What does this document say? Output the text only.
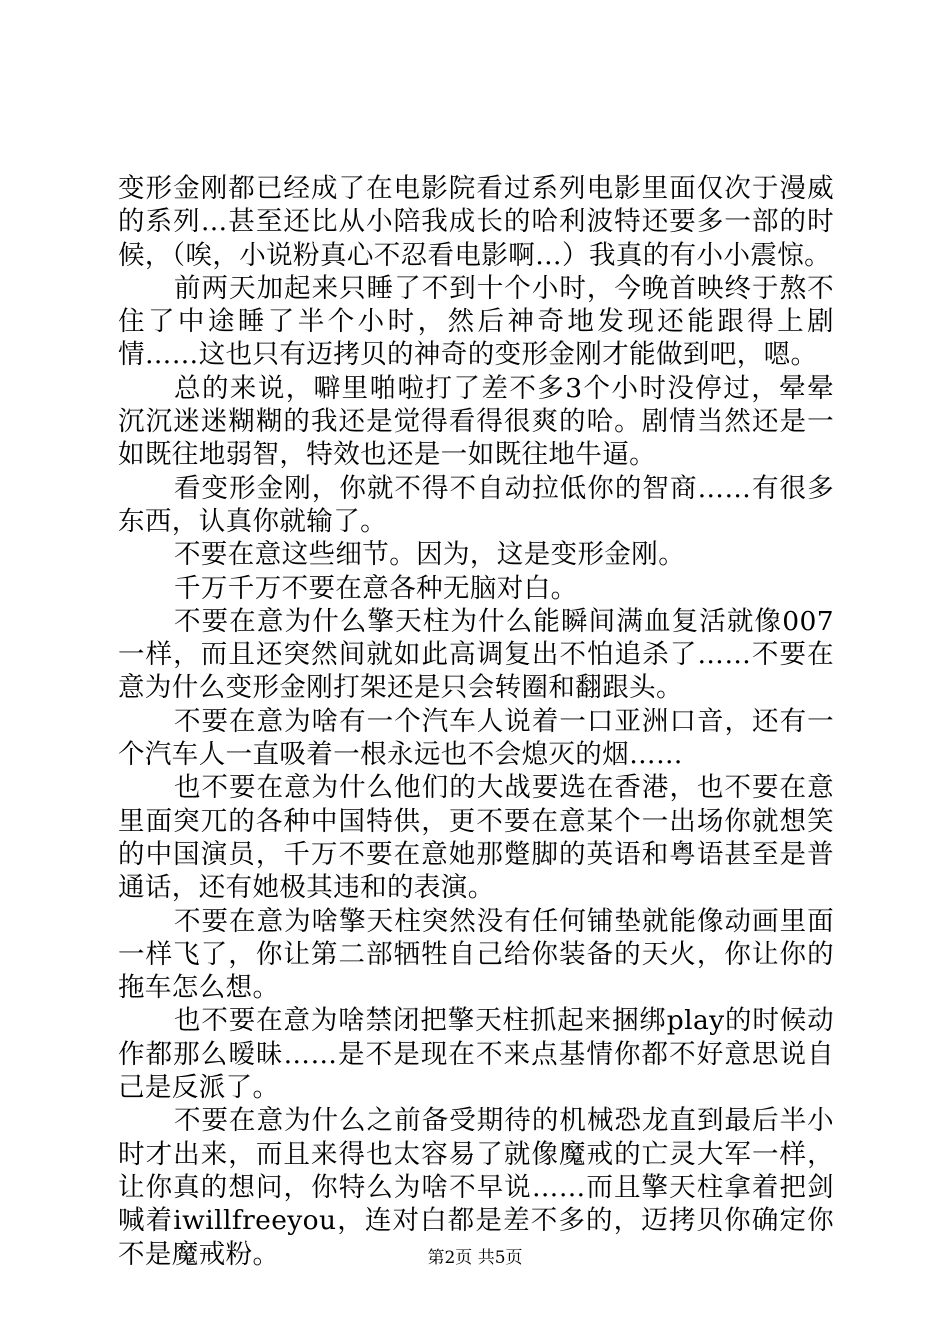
变形金刚都已经成了在电影院看过系列电影里面仅次于漫威的系列…甚至还比从小陪我成长的哈利波特还要多一部的时候，（唉，小说粉真心不忍看电影啊…）我真的有小小震惊。

前两天加起来只睡了不到十个小时，今晚首映终于熬不住了中途睡了半个小时，然后神奇地发现还能跟得上剧情……这也只有迈拷贝的神奇的变形金刚才能做到吧，嗯。

总的来说，噼里啪啦打了差不多3个小时没停过，晕晕沉沉迷迷糊糊的我还是觉得看得很爽的哈。剧情当然还是一如既往地弱智，特效也还是一如既往地牛逼。

看变形金刚，你就不得不自动拉低你的智商……有很多东西，认真你就输了。

不要在意这些细节。因为，这是变形金刚。

千万千万不要在意各种无脑对白。

不要在意为什么擎天柱为什么能瞬间满血复活就像007一样，而且还突然间就如此高调复出不怕追杀了……不要在意为什么变形金刚打架还是只会转圈和翻跟头。

不要在意为啥有一个汽车人说着一口亚洲口音，还有一个汽车人一直吸着一根永远也不会熄灭的烟……

也不要在意为什么他们的大战要选在香港，也不要在意里面突兀的各种中国特供，更不要在意某个一出场你就想笑的中国演员，千万不要在意她那蹩脚的英语和粤语甚至是普通话，还有她极其违和的表演。

不要在意为啥擎天柱突然没有任何铺垫就能像动画里面一样飞了，你让第二部牺牲自己给你装备的天火，你让你的拖车怎么想。

也不要在意为啥禁闭把擎天柱抓起来捆绑play的时候动作都那么暧昧……是不是现在不来点基情你都不好意思说自己是反派了。

不要在意为什么之前备受期待的机械恐龙直到最后半小时才出来，而且来得也太容易了就像魔戒的亡灵大军一样，让你真的想问，你特么为啥不早说……而且擎天柱拿着把剑喊着iwillfreeyou，连对白都是差不多的，迈拷贝你确定你不是魔戒粉。	第2页 共5页
